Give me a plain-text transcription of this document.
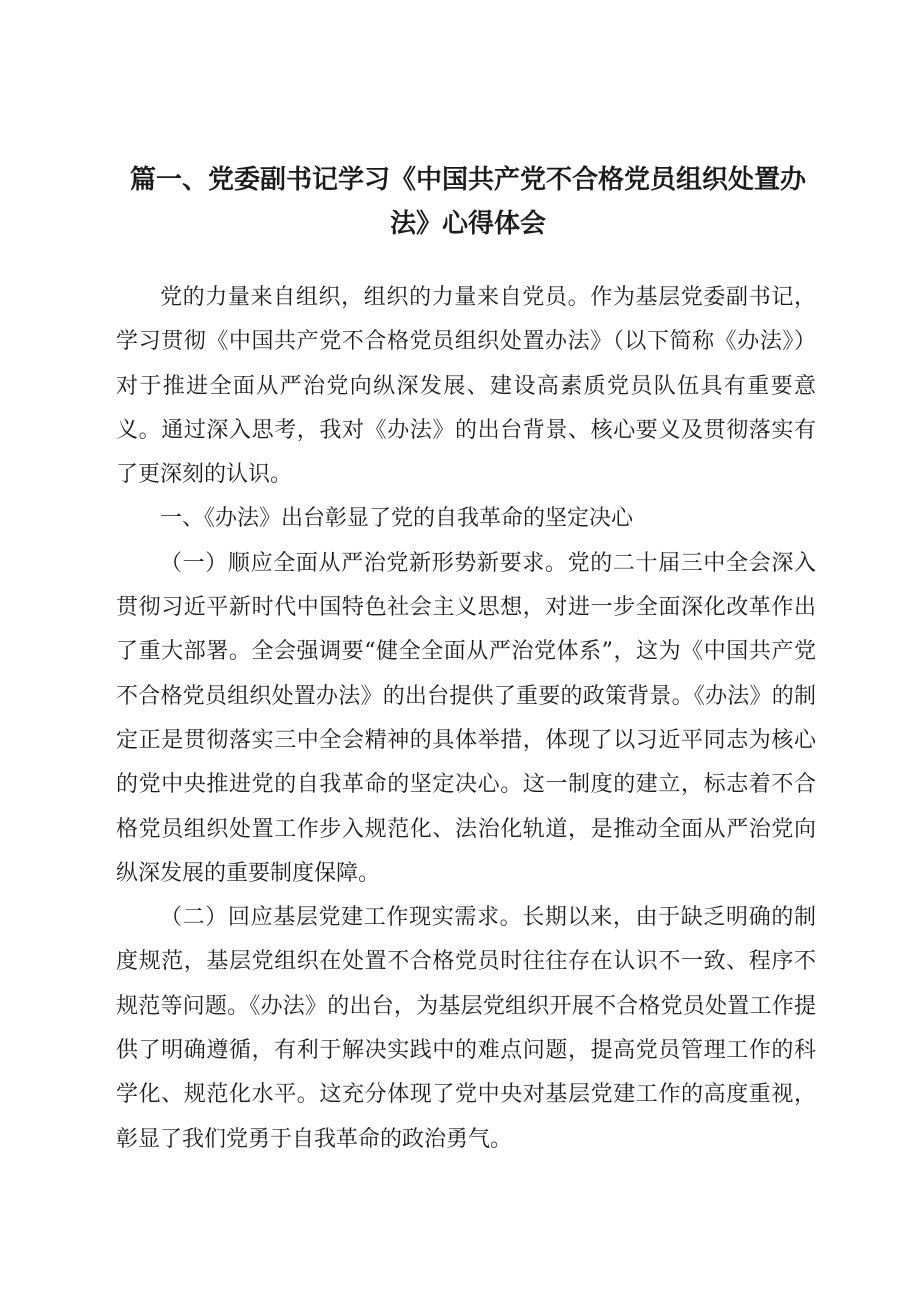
篇一、党委副书记学习《中国共产党不合格党员组织处置办法》心得体会

党的力量来自组织，组织的力量来自党员。作为基层党委副书记，学习贯彻《中国共产党不合格党员组织处置办法》（以下简称《办法》）对于推进全面从严治党向纵深发展、建设高素质党员队伍具有重要意义。通过深入思考，我对《办法》的出台背景、核心要义及贯彻落实有了更深刻的认识。

一、《办法》出台彰显了党的自我革命的坚定决心

（一）顺应全面从严治党新形势新要求。党的二十届三中全会深入贯彻习近平新时代中国特色社会主义思想，对进一步全面深化改革作出了重大部署。全会强调要“健全全面从严治党体系”，这为《中国共产党不合格党员组织处置办法》的出台提供了重要的政策背景。《办法》的制定正是贯彻落实三中全会精神的具体举措，体现了以习近平同志为核心的党中央推进党的自我革命的坚定决心。这一制度的建立，标志着不合格党员组织处置工作步入规范化、法治化轨道，是推动全面从严治党向纵深发展的重要制度保障。

（二）回应基层党建工作现实需求。长期以来，由于缺乏明确的制度规范，基层党组织在处置不合格党员时往往存在认识不一致、程序不规范等问题。《办法》的出台，为基层党组织开展不合格党员处置工作提供了明确遵循，有利于解决实践中的难点问题，提高党员管理工作的科学化、规范化水平。这充分体现了党中央对基层党建工作的高度重视，彰显了我们党勇于自我革命的政治勇气。
